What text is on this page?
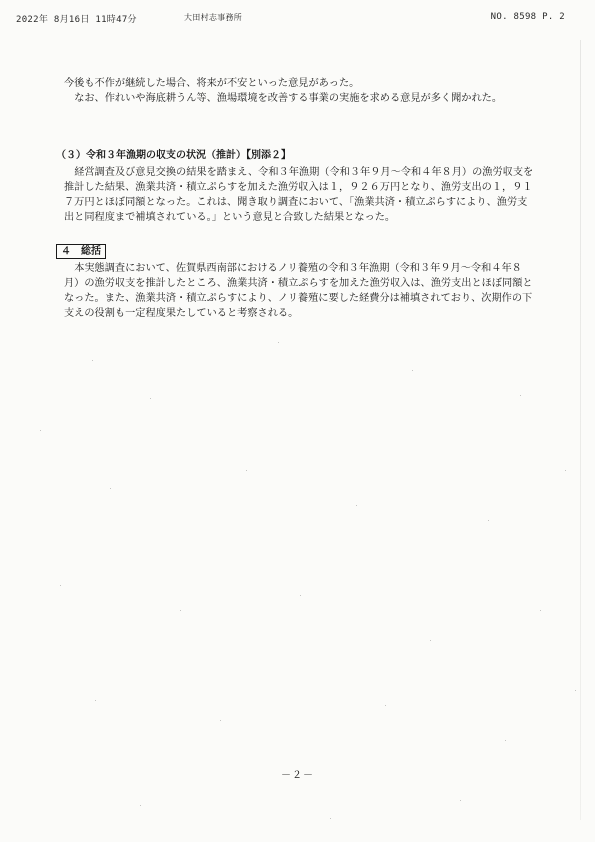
2022年 8月16日 11時47分	大田村志事務所	NO. 8598 P. 2

今後も不作が継続した場合、将来が不安といった意見があった。

なお、作れいや海底耕うん等、漁場環境を改善する事業の実施を求める意見が多く聞かれた。

（３）令和３年漁期の収支の状況（推計）【別添２】

経営調査及び意見交換の結果を踏まえ、令和３年漁期（令和３年９月～令和４年８月）の漁労収支を推計した結果、漁業共済・積立ぷらすを加えた漁労収入は１，９２６万円となり、漁労支出の１，９１７万円とほぼ同額となった。これは、聞き取り調査において、「漁業共済・積立ぷらすにより、漁労支出と同程度まで補填されている。」という意見と合致した結果となった。

４　総括

本実態調査において、佐賀県西南部におけるノリ養殖の令和３年漁期（令和３年９月～令和４年８月）の漁労収支を推計したところ、漁業共済・積立ぷらすを加えた漁労収入は、漁労支出とほぼ同額となった。また、漁業共済・積立ぷらすにより、ノリ養殖に要した経費分は補填されており、次期作の下支えの役割も一定程度果たしていると考察される。

－２－
